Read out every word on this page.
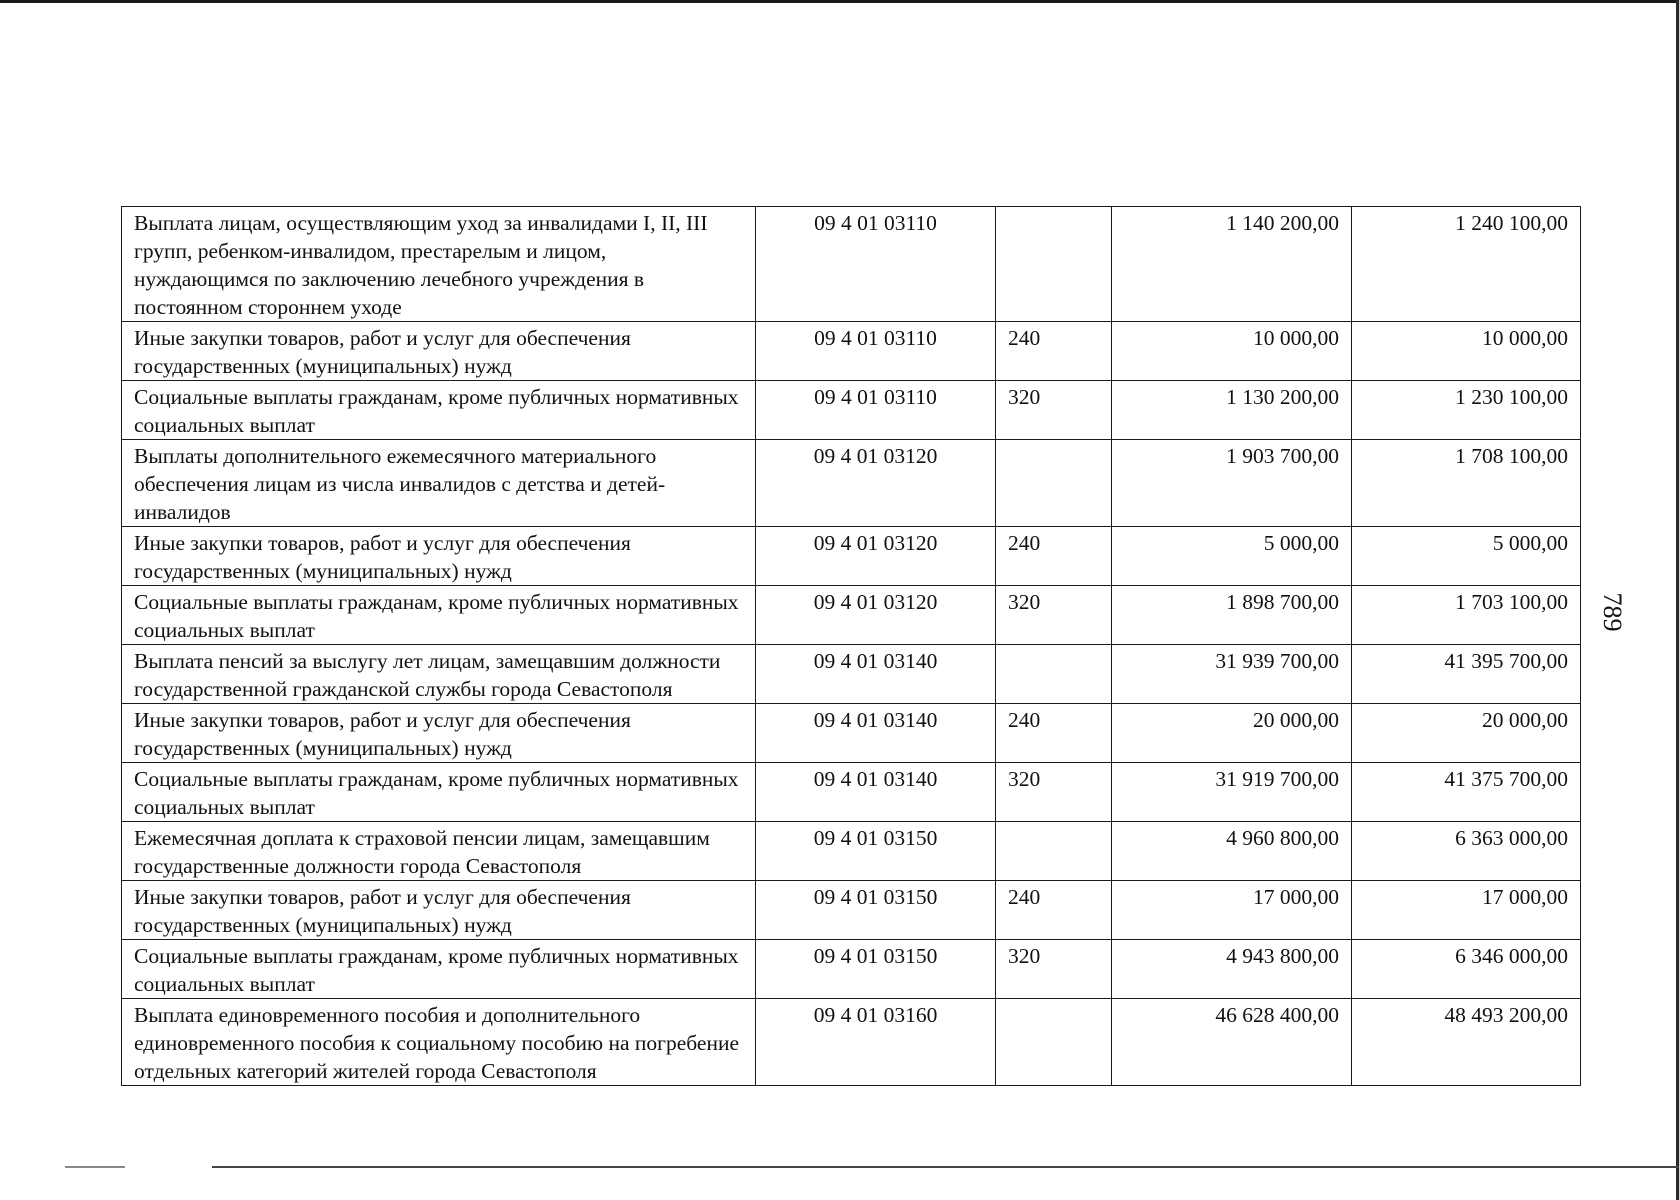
Выплата лицам, осуществляющим уход за инвалидами I, II, III групп, ребенком-инвалидом, престарелым и лицом, нуждающимся по заключению лечебного учреждения в постоянном стороннем уходе	09 4 01 03110		1 140 200,00	1 240 100,00
Иные закупки товаров, работ и услуг для обеспечения государственных (муниципальных) нужд	09 4 01 03110	240	10 000,00	10 000,00
Социальные выплаты гражданам, кроме публичных нормативных социальных выплат	09 4 01 03110	320	1 130 200,00	1 230 100,00
Выплаты дополнительного ежемесячного материального обеспечения лицам из числа инвалидов с детства и детей-инвалидов	09 4 01 03120		1 903 700,00	1 708 100,00
Иные закупки товаров, работ и услуг для обеспечения государственных (муниципальных) нужд	09 4 01 03120	240	5 000,00	5 000,00
Социальные выплаты гражданам, кроме публичных нормативных социальных выплат	09 4 01 03120	320	1 898 700,00	1 703 100,00
Выплата пенсий за выслугу лет лицам, замещавшим должности государственной гражданской службы города Севастополя	09 4 01 03140		31 939 700,00	41 395 700,00
Иные закупки товаров, работ и услуг для обеспечения государственных (муниципальных) нужд	09 4 01 03140	240	20 000,00	20 000,00
Социальные выплаты гражданам, кроме публичных нормативных социальных выплат	09 4 01 03140	320	31 919 700,00	41 375 700,00
Ежемесячная доплата к страховой пенсии лицам, замещавшим государственные должности города Севастополя	09 4 01 03150		4 960 800,00	6 363 000,00
Иные закупки товаров, работ и услуг для обеспечения государственных (муниципальных) нужд	09 4 01 03150	240	17 000,00	17 000,00
Социальные выплаты гражданам, кроме публичных нормативных социальных выплат	09 4 01 03150	320	4 943 800,00	6 346 000,00
Выплата единовременного пособия и дополнительного единовременного пособия к социальному пособию на погребение отдельных категорий жителей города Севастополя	09 4 01 03160		46 628 400,00	48 493 200,00
789
